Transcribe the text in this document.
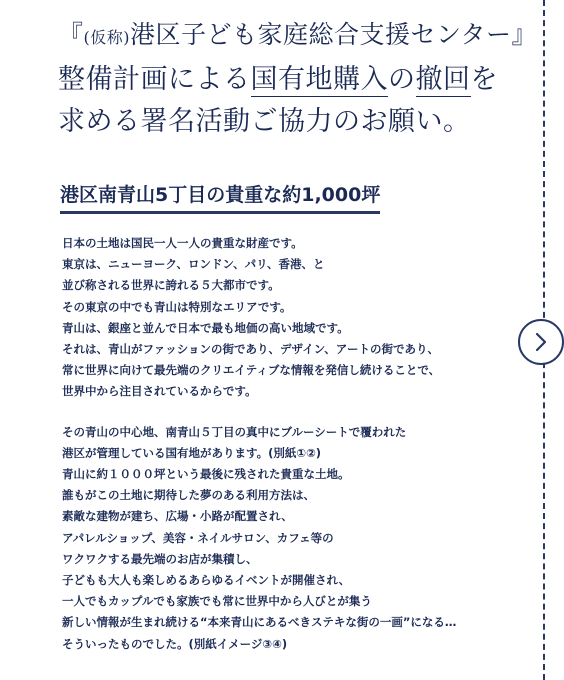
『(仮称)港区子ども家庭総合支援センター』
整備計画による国有地購入の撤回を
求める署名活動ご協力のお願い。
港区南青山5丁目の貴重な約1,000坪

日本の土地は国民一人一人の貴重な財産です。
東京は、ニューヨーク、ロンドン、パリ、香港、と
並び称される世界に誇れる５大都市です。
その東京の中でも青山は特別なエリアです。
青山は、銀座と並んで日本で最も地価の高い地域です。
それは、青山がファッションの街であり、デザイン、アートの街であり、
常に世界に向けて最先端のクリエイティブな情報を発信し続けることで、
世界中から注目されているからです。

その青山の中心地、南青山５丁目の真中にブルーシートで覆われた
港区が管理している国有地があります。(別紙①②)
青山に約１０００坪という最後に残された貴重な土地。
誰もがこの土地に期待した夢のある利用方法は、
素敵な建物が建ち、広場・小路が配置され、
アパレルショップ、美容・ネイルサロン、カフェ等の
ワクワクする最先端のお店が集積し、
子どもも大人も楽しめるあらゆるイベントが開催され、
一人でもカップルでも家族でも常に世界中から人びとが集う
新しい情報が生まれ続ける“本来青山にあるべきステキな街の一画”になる…
そういったものでした。(別紙イメージ③④)
